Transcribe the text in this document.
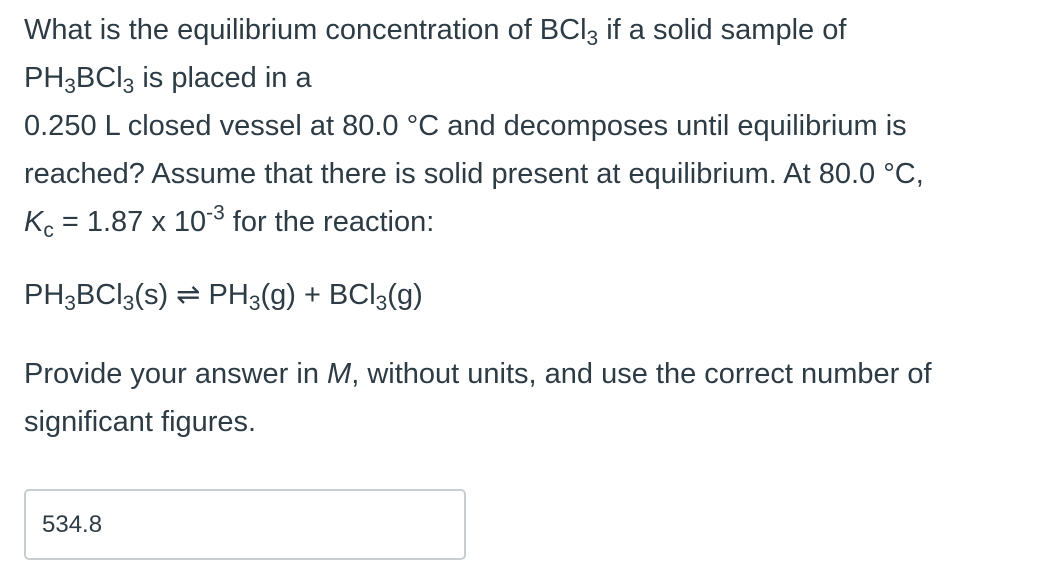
What is the equilibrium concentration of BCl$_3$ if a solid sample of
$PH_3BCl_3$ is placed in a
0.250 L closed vessel at 80.0 °C and decomposes until equilibrium is
reached? Assume that there is solid present at equilibrium. At 80.0 °C,
$K_c = 1.87$ x $10^{-3}$ for the reaction:

$PH_3BCl_3(s)$ ⇌ $PH_3(g) + BCl_3(g)$

Provide your answer in M, without units, and use the correct number of significant figures.

534.8
